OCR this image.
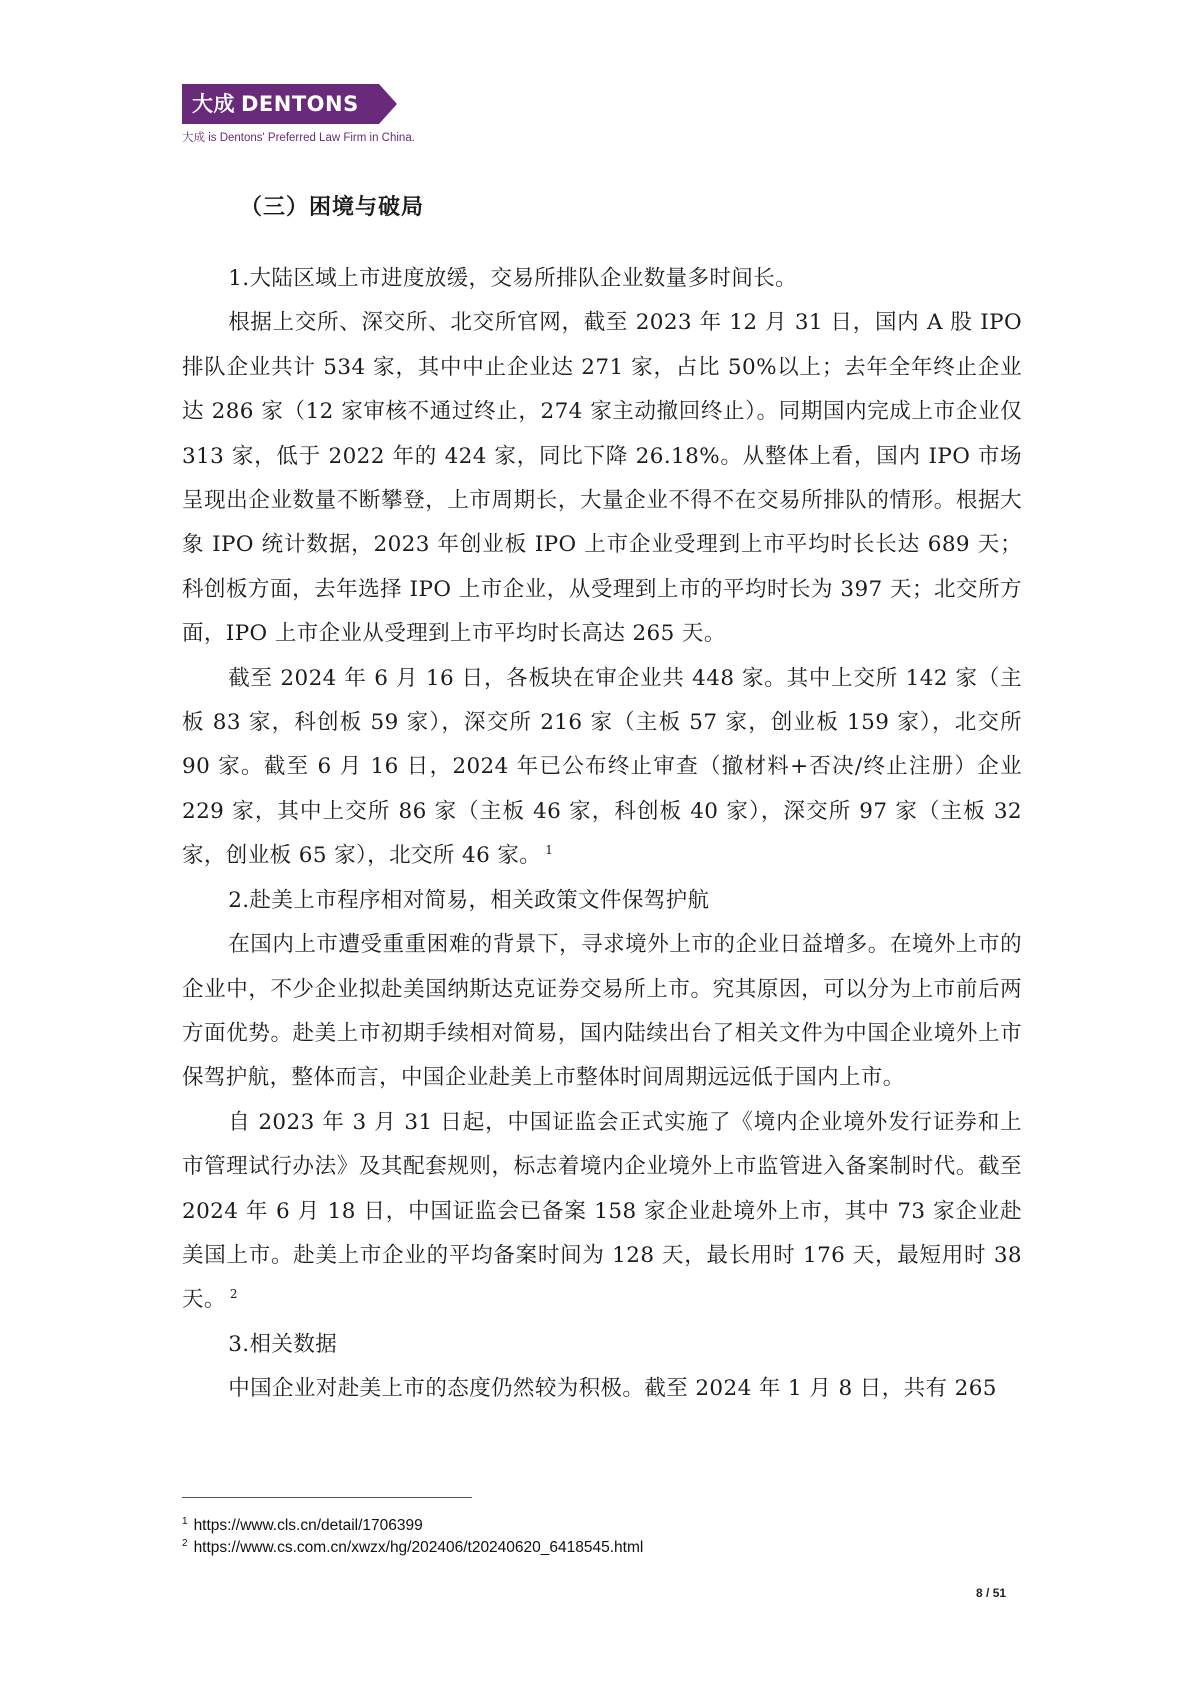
大成 DENTONS
大成 is Dentons' Preferred Law Firm in China.
（三）困境与破局

1.大陆区域上市进度放缓，交易所排队企业数量多时间长。

根据上交所、深交所、北交所官网，截至 2023 年 12 月 31 日，国内 A 股 IPO 排队企业共计 534 家，其中中止企业达 271 家，占比 50%以上；去年全年终止企业达 286 家（12 家审核不通过终止，274 家主动撤回终止）。同期国内完成上市企业仅 313 家，低于 2022 年的 424 家，同比下降 26.18%。从整体上看，国内 IPO 市场呈现出企业数量不断攀登，上市周期长，大量企业不得不在交易所排队的情形。根据大象 IPO 统计数据，2023 年创业板 IPO 上市企业受理到上市平均时长长达 689 天；科创板方面，去年选择 IPO 上市企业，从受理到上市的平均时长为 397 天；北交所方面，IPO 上市企业从受理到上市平均时长高达 265 天。

截至 2024 年 6 月 16 日，各板块在审企业共 448 家。其中上交所 142 家（主板 83 家，科创板 59 家），深交所 216 家（主板 57 家，创业板 159 家），北交所 90 家。截至 6 月 16 日，2024 年已公布终止审查（撤材料+否决/终止注册）企业 229 家，其中上交所 86 家（主板 46 家，科创板 40 家），深交所 97 家（主板 32 家，创业板 65 家），北交所 46 家。 $^1$

2.赴美上市程序相对简易，相关政策文件保驾护航

在国内上市遭受重重困难的背景下，寻求境外上市的企业日益增多。在境外上市的企业中，不少企业拟赴美国纳斯达克证券交易所上市。究其原因，可以分为上市前后两方面优势。赴美上市初期手续相对简易，国内陆续出台了相关文件为中国企业境外上市保驾护航，整体而言，中国企业赴美上市整体时间周期远远低于国内上市。

自 2023 年 3 月 31 日起，中国证监会正式实施了《境内企业境外发行证券和上市管理试行办法》及其配套规则，标志着境内企业境外上市监管进入备案制时代。截至 2024 年 6 月 18 日，中国证监会已备案 158 家企业赴境外上市，其中 73 家企业赴美国上市。赴美上市企业的平均备案时间为 128 天，最长用时 176 天，最短用时 38 天。 $^2$

3.相关数据

中国企业对赴美上市的态度仍然较为积极。截至 2024 年 1 月 8 日，共有 265

$^1$ https://www.cls.cn/detail/1706399
$^2$ https://www.cs.com.cn/xwzx/hg/202406/t20240620_6418545.html
8 / 51
